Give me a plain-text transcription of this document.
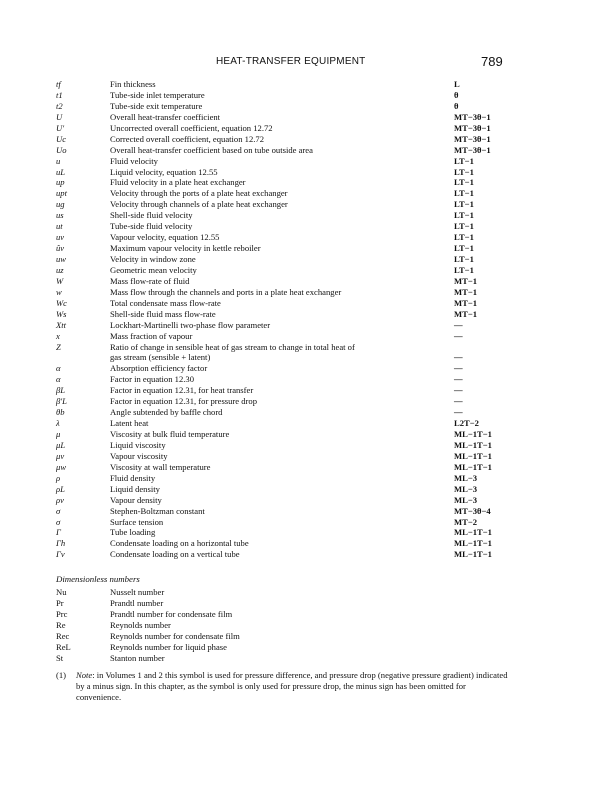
HEAT-TRANSFER EQUIPMENT	789
tf	Fin thickness	L
t1	Tube-side inlet temperature	θ
t2	Tube-side exit temperature	θ
U	Overall heat-transfer coefficient	MT−3θ−1
U′	Uncorrected overall coefficient, equation 12.72	MT−3θ−1
Uc	Corrected overall coefficient, equation 12.72	MT−3θ−1
Uo	Overall heat-transfer coefficient based on tube outside area	MT−3θ−1
u	Fluid velocity	LT−1
uL	Liquid velocity, equation 12.55	LT−1
up	Fluid velocity in a plate heat exchanger	LT−1
upt	Velocity through the ports of a plate heat exchanger	LT−1
ug	Velocity through channels of a plate heat exchanger	LT−1
us	Shell-side fluid velocity	LT−1
ut	Tube-side fluid velocity	LT−1
uv	Vapour velocity, equation 12.55	LT−1
ûv	Maximum vapour velocity in kettle reboiler	LT−1
uw	Velocity in window zone	LT−1
uz	Geometric mean velocity	LT−1
W	Mass flow-rate of fluid	MT−1
w	Mass flow through the channels and ports in a plate heat exchanger	MT−1
Wc	Total condensate mass flow-rate	MT−1
Ws	Shell-side fluid mass flow-rate	MT−1
Xtt	Lockhart-Martinelli two-phase flow parameter	—
x	Mass fraction of vapour	—
Z	Ratio of change in sensible heat of gas stream to change in total heat of
gas stream (sensible + latent)	—
α	Absorption efficiency factor	—
α	Factor in equation 12.30	—
βL	Factor in equation 12.31, for heat transfer	—
β′L	Factor in equation 12.31, for pressure drop	—
θb	Angle subtended by baffle chord	—
λ	Latent heat	L2T−2
μ	Viscosity at bulk fluid temperature	ML−1T−1
μL	Liquid viscosity	ML−1T−1
μv	Vapour viscosity	ML−1T−1
μw	Viscosity at wall temperature	ML−1T−1
ρ	Fluid density	ML−3
ρL	Liquid density	ML−3
ρv	Vapour density	ML−3
σ	Stephen-Boltzman constant	MT−3θ−4
σ	Surface tension	MT−2
Γ	Tube loading	ML−1T−1
Γh	Condensate loading on a horizontal tube	ML−1T−1
Γv	Condensate loading on a vertical tube	ML−1T−1
Dimensionless numbers
Nu	Nusselt number
Pr	Prandtl number
Prc	Prandtl number for condensate film
Re	Reynolds number
Rec	Reynolds number for condensate film
ReL	Reynolds number for liquid phase
St	Stanton number
(1) Note: in Volumes 1 and 2 this symbol is used for pressure difference, and pressure drop (negative pressure gradient) indicated by a minus sign. In this chapter, as the symbol is only used for pressure drop, the minus sign has been omitted for convenience.
